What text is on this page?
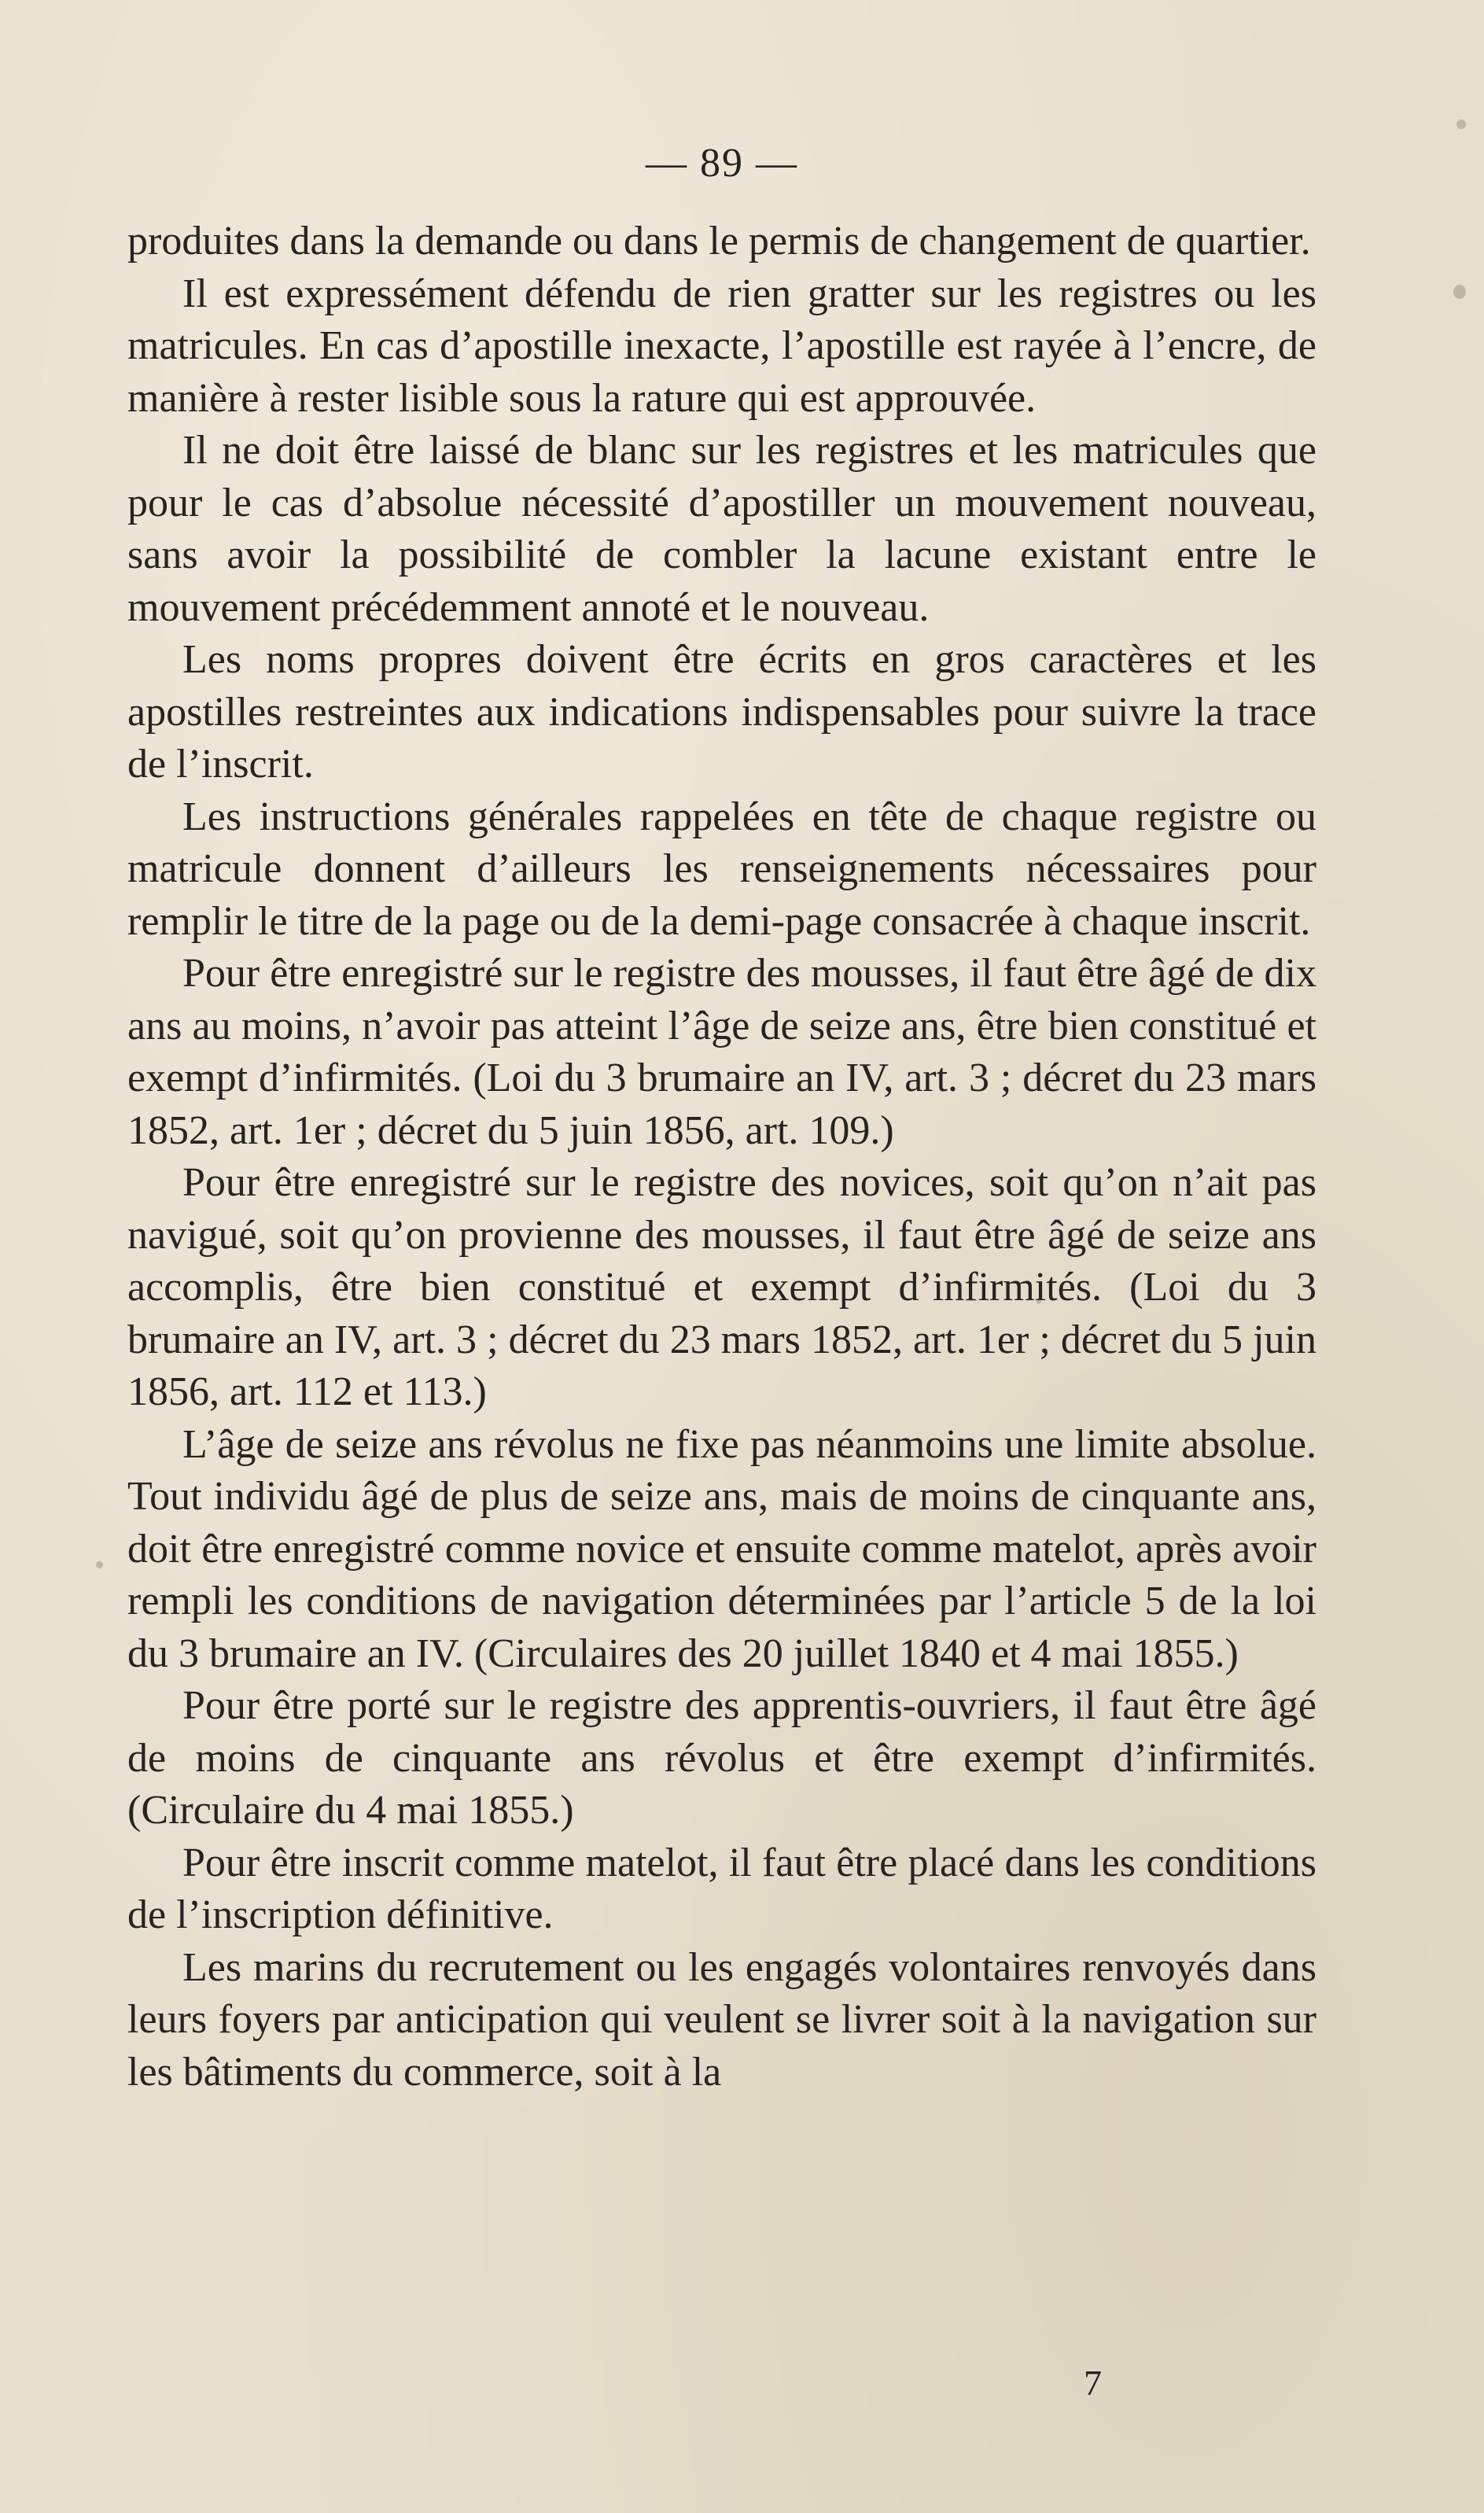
— 89 —

produites dans la demande ou dans le permis de changement de quartier.

Il est expressément défendu de rien gratter sur les registres ou les matricules. En cas d’apostille inexacte, l’apostille est rayée à l’encre, de manière à rester lisible sous la rature qui est approuvée.

Il ne doit être laissé de blanc sur les registres et les matricules que pour le cas d’absolue nécessité d’apostiller un mouvement nouveau, sans avoir la possibilité de combler la lacune existant entre le mouvement précédemment annoté et le nouveau.

Les noms propres doivent être écrits en gros caractères et les apostilles restreintes aux indications indispensables pour suivre la trace de l’inscrit.

Les instructions générales rappelées en tête de chaque registre ou matricule donnent d’ailleurs les renseignements nécessaires pour remplir le titre de la page ou de la demi-page consacrée à chaque inscrit.

Pour être enregistré sur le registre des mousses, il faut être âgé de dix ans au moins, n’avoir pas atteint l’âge de seize ans, être bien constitué et exempt d’infirmités. (Loi du 3 brumaire an IV, art. 3 ; décret du 23 mars 1852, art. 1er ; décret du 5 juin 1856, art. 109.)

Pour être enregistré sur le registre des novices, soit qu’on n’ait pas navigué, soit qu’on provienne des mousses, il faut être âgé de seize ans accomplis, être bien constitué et exempt d’infirmités. (Loi du 3 brumaire an IV, art. 3 ; décret du 23 mars 1852, art. 1er ; décret du 5 juin 1856, art. 112 et 113.)

L’âge de seize ans révolus ne fixe pas néanmoins une limite absolue. Tout individu âgé de plus de seize ans, mais de moins de cinquante ans, doit être enregistré comme novice et ensuite comme matelot, après avoir rempli les conditions de navigation déterminées par l’article 5 de la loi du 3 brumaire an IV. (Circulaires des 20 juillet 1840 et 4 mai 1855.)

Pour être porté sur le registre des apprentis-ouvriers, il faut être âgé de moins de cinquante ans révolus et être exempt d’infirmités. (Circulaire du 4 mai 1855.)

Pour être inscrit comme matelot, il faut être placé dans les conditions de l’inscription définitive.

Les marins du recrutement ou les engagés volontaires renvoyés dans leurs foyers par anticipation qui veulent se livrer soit à la navigation sur les bâtiments du commerce, soit à la

7
